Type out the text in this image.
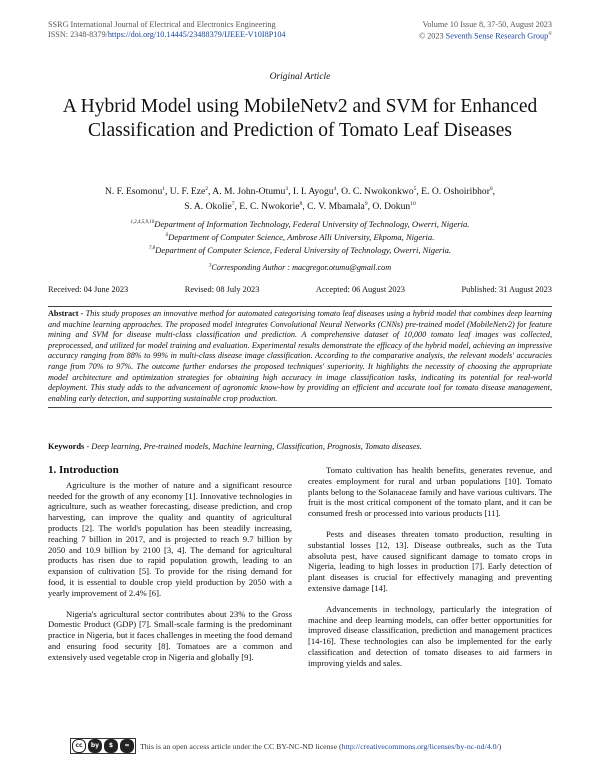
SSRG International Journal of Electrical and Electronics Engineering
ISSN: 2348-8379/https://doi.org/10.14445/23488379/IJEEE-V10I8P104
Volume 10 Issue 8, 37-50, August 2023
© 2023 Seventh Sense Research Group®
Original Article
A Hybrid Model using MobileNetv2 and SVM for Enhanced Classification and Prediction of Tomato Leaf Diseases
N. F. Esomonu$^1$, U. F. Eze$^2$, A. M. John-Otumu$^3$, I. I. Ayogu$^4$, O. C. Nwokonkwo$^5$, E. O. Oshoiribhor$^6$,
S. A. Okolie$^7$, E. C. Nwokorie$^8$, C. V. Mbamala$^9$, O. Dokun$^{10}$
$^{1,2,4,5,9,10}$Department of Information Technology, Federal University of Technology, Owerri, Nigeria.
$^6$Department of Computer Science, Ambrose Alli University, Ekpoma, Nigeria.
$^{7,8}$Department of Computer Science, Federal University of Technology, Owerri, Nigeria.
$^3$Corresponding Author : macgregor.otumu@gmail.com
Received: 04 June 2023	Revised: 08 July 2023	Accepted: 06 August 2023	Published: 31 August 2023
Abstract - This study proposes an innovative method for automated categorising tomato leaf diseases using a hybrid model that combines deep learning and machine learning approaches. The proposed model integrates Convolutional Neural Networks (CNNs) pre-trained model (MobileNetv2) for feature mining and SVM for disease multi-class classification and prediction. A comprehensive dataset of 10,000 tomato leaf images was collected, preprocessed, and utilized for model training and evaluation. Experimental results demonstrate the efficacy of the hybrid model, achieving an impressive accuracy ranging from 88% to 99% in multi-class disease image classification. According to the comparative analysis, the relevant models' accuracies range from 70% to 97%. The outcome further endorses the proposed techniques' superiority. It highlights the necessity of choosing the appropriate model architecture and optimization strategies for obtaining high accuracy in image classification tasks, indicating its potential for real-world deployment. This study adds to the advancement of agronomic know-how by providing an efficient and accurate tool for tomato disease management, enabling early detection, and supporting sustainable crop production.
Keywords - Deep learning, Pre-trained models, Machine learning, Classification, Prognosis, Tomato diseases.
1. Introduction

Agriculture is the mother of nature and a significant resource needed for the growth of any economy [1]. Innovative technologies in agriculture, such as weather forecasting, disease prediction, and crop harvesting, can improve the quality and quantity of agricultural products [2]. The world's population has been steadily increasing, reaching 7 billion in 2017, and is projected to reach 9.7 billion by 2050 and 10.9 billion by 2100 [3, 4]. The demand for agricultural products has risen due to rapid population growth, leading to an expansion of cultivation [5]. To provide for the rising demand for food, it is essential to double crop yield production by 2050 with a yearly improvement of 2.4% [6].

Nigeria's agricultural sector contributes about 23% to the Gross Domestic Product (GDP) [7]. Small-scale farming is the predominant practice in Nigeria, but it faces challenges in meeting the food demand and ensuring food security [8]. Tomatoes are a common and extensively used vegetable crop in Nigeria and globally [9].

Tomato cultivation has health benefits, generates revenue, and creates employment for rural and urban populations [10]. Tomato plants belong to the Solanaceae family and have various cultivars. The fruit is the most critical component of the tomato plant, and it can be consumed fresh or processed into various products [11].

Pests and diseases threaten tomato production, resulting in substantial losses [12, 13]. Disease outbreaks, such as the Tuta absoluta pest, have caused significant damage to tomato crops in Nigeria, leading to high losses in production [7]. Early detection of plant diseases is crucial for effectively managing and preventing extensive damage [14].

Advancements in technology, particularly the integration of machine and deep learning models, can offer better opportunities for improved disease classification, prediction and management practices [14-16]. These technologies can also be implemented for the early classification and detection of tomato diseases to aid farmers in improving yields and sales.

cc	by	$	=	This is an open access article under the CC BY-NC-ND license (http://creativecommons.org/licenses/by-nc-nd/4.0/)
